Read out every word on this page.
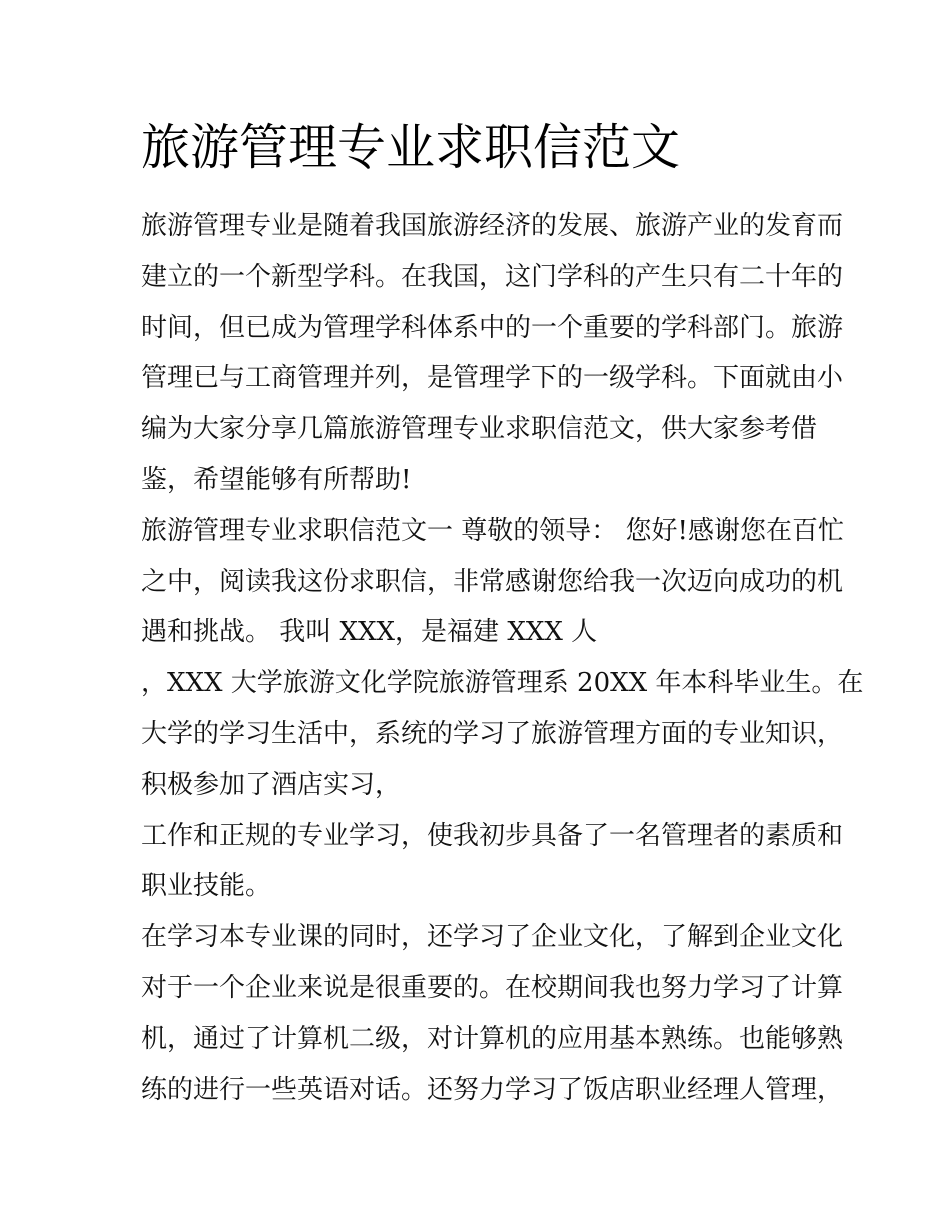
旅游管理专业求职信范文
旅游管理专业是随着我国旅游经济的发展、旅游产业的发育而
建立的一个新型学科。在我国，这门学科的产生只有二十年的
时间，但已成为管理学科体系中的一个重要的学科部门。旅游
管理已与工商管理并列，是管理学下的一级学科。下面就由小
编为大家分享几篇旅游管理专业求职信范文，供大家参考借
鉴，希望能够有所帮助!
旅游管理专业求职信范文一 尊敬的领导： 您好!感谢您在百忙
之中，阅读我这份求职信，非常感谢您给我一次迈向成功的机
遇和挑战。 我叫 XXX，是福建 XXX 人
，XXX 大学旅游文化学院旅游管理系 20XX 年本科毕业生。在
大学的学习生活中，系统的学习了旅游管理方面的专业知识，
积极参加了酒店实习，
工作和正规的专业学习，使我初步具备了一名管理者的素质和
职业技能。
在学习本专业课的同时，还学习了企业文化，了解到企业文化
对于一个企业来说是很重要的。在校期间我也努力学习了计算
机，通过了计算机二级，对计算机的应用基本熟练。也能够熟
练的进行一些英语对话。还努力学习了饭店职业经理人管理，
